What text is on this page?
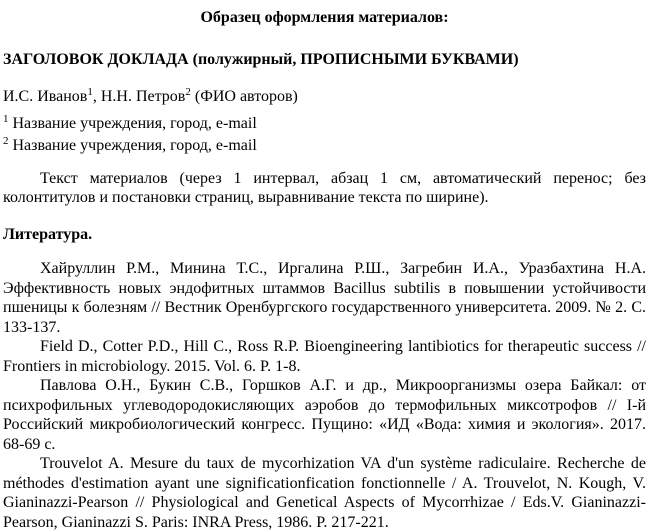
Образец оформления материалов:

ЗАГОЛОВОК ДОКЛАДА (полужирный, ПРОПИСНЫМИ БУКВАМИ)

И.С. Иванов$^1$, Н.Н. Петров$^2$ (ФИО авторов)

$^1$ Название учреждения, город, e-mail

$^2$ Название учреждения, город, e-mail

Текст материалов (через 1 интервал, абзац 1 см, автоматический перенос; без колонтитулов и постановки страниц, выравнивание текста по ширине).

Литература.

Хайруллин Р.М., Минина Т.С., Иргалина Р.Ш., Загребин И.А., Уразбахтина Н.А. Эффективность новых эндофитных штаммов Bacillus subtilis в повышении устойчивости пшеницы к болезням // Вестник Оренбургского государственного университета. 2009. № 2. С. 133-137.

Field D., Cotter P.D., Hill C., Ross R.P. Bioengineering lantibiotics for therapeutic success // Frontiers in microbiology. 2015. Vol. 6. P. 1-8.

Павлова О.Н., Букин С.В., Горшков А.Г. и др., Микроорганизмы озера Байкал: от психрофильных углеводородокисляющих аэробов до термофильных миксотрофов // I-й Российский микробиологический конгресс. Пущино: «ИД «Вода: химия и экология». 2017. 68-69 с.

Trouvelot A. Mesure du taux de mycorhization VA d'un système radiculaire. Recherche de méthodes d'estimation ayant une significationfication fonctionnelle / A. Trouvelot, N. Kough, V. Gianinazzi-Pearson // Physiological and Genetical Aspects of Mycorrhizae / Eds.V. Gianinazzi-Pearson, Gianinazzi S. Paris: INRA Press, 1986. P. 217-221.
